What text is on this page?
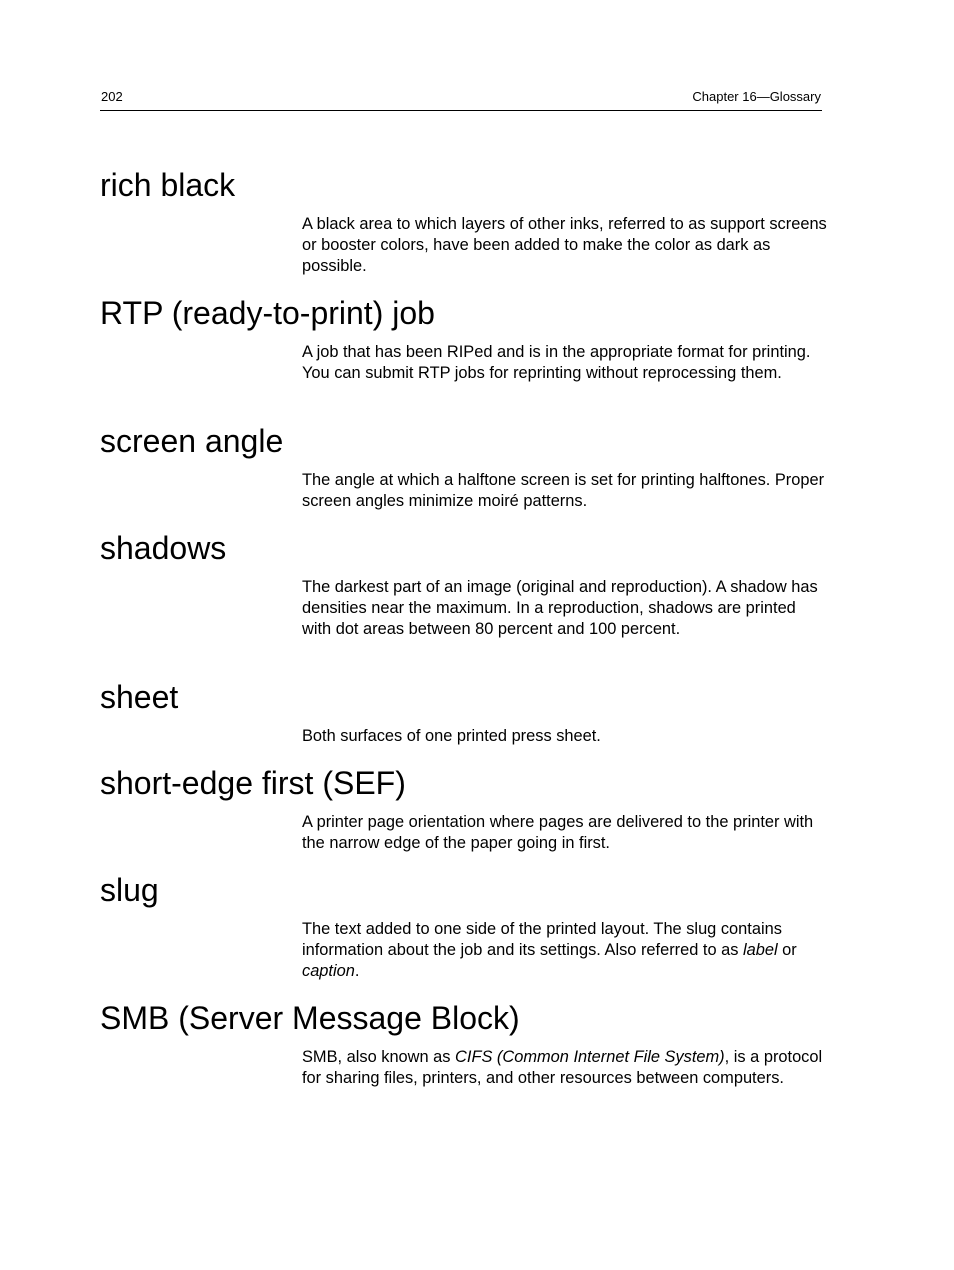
202	Chapter 16—Glossary
rich black

A black area to which layers of other inks, referred to as support screens or booster colors, have been added to make the color as dark as possible.

RTP (ready-to-print) job

A job that has been RIPed and is in the appropriate format for printing. You can submit RTP jobs for reprinting without reprocessing them.

screen angle

The angle at which a halftone screen is set for printing halftones. Proper screen angles minimize moiré patterns.

shadows

The darkest part of an image (original and reproduction). A shadow has densities near the maximum. In a reproduction, shadows are printed with dot areas between 80 percent and 100 percent.

sheet

Both surfaces of one printed press sheet.

short-edge first (SEF)

A printer page orientation where pages are delivered to the printer with the narrow edge of the paper going in first.

slug

The text added to one side of the printed layout. The slug contains information about the job and its settings. Also referred to as label or caption.

SMB (Server Message Block)

SMB, also known as CIFS (Common Internet File System), is a protocol for sharing files, printers, and other resources between computers.
